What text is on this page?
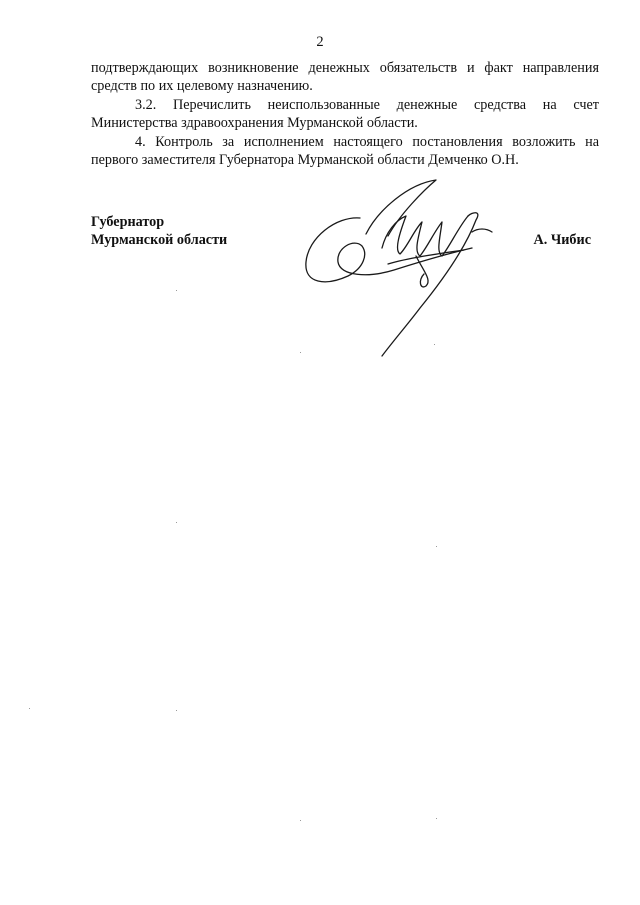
2

подтверждающих возникновение денежных обязательств и факт направления средств по их целевому назначению.

3.2. Перечислить неиспользованные денежные средства на счет Министерства здравоохранения Мурманской области.

4. Контроль за исполнением настоящего постановления возложить на первого заместителя Губернатора Мурманской области Демченко О.Н.

Губернатор
Мурманской области	А. Чибис
